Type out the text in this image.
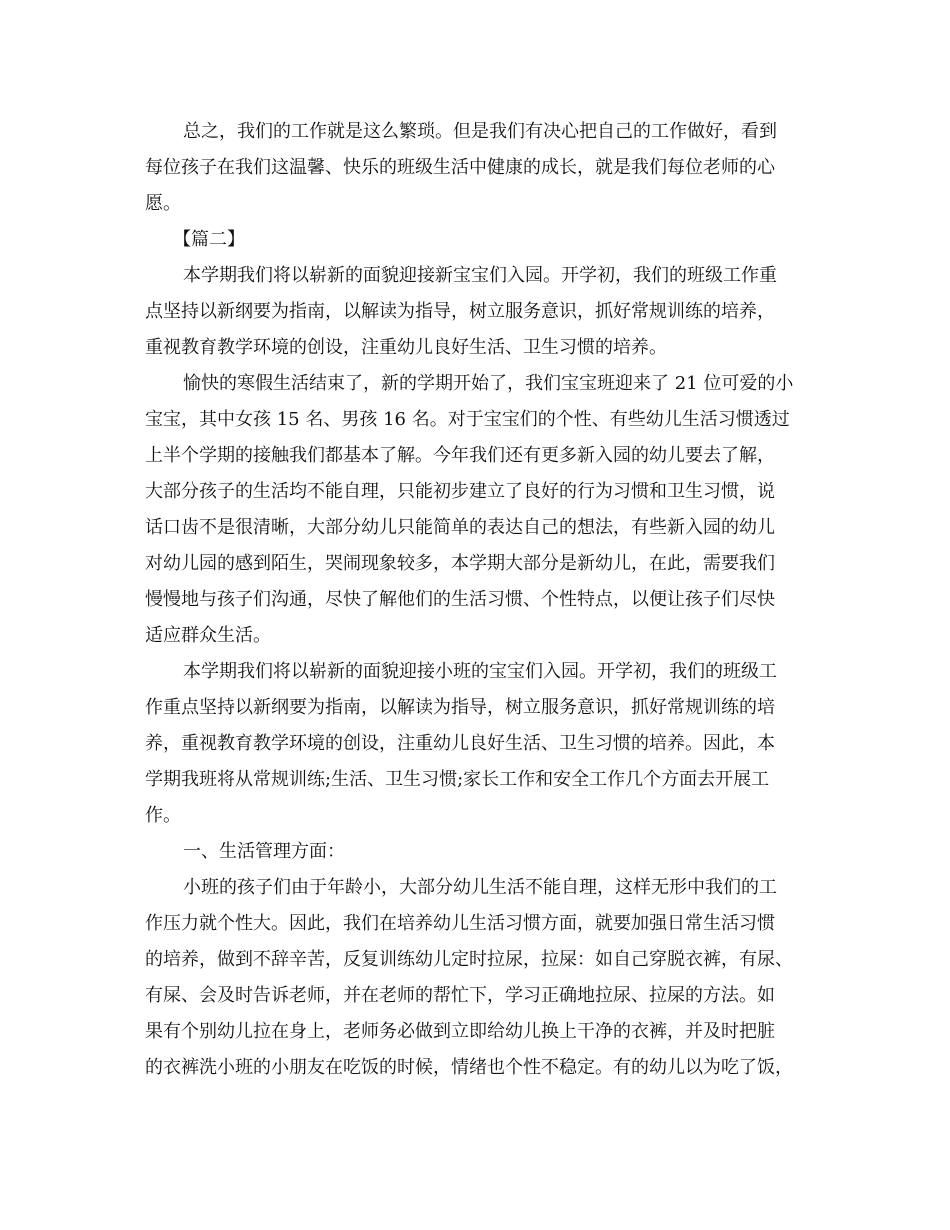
总之，我们的工作就是这么繁琐。但是我们有决心把自己的工作做好，看到
每位孩子在我们这温馨、快乐的班级生活中健康的成长，就是我们每位老师的心
愿。
【篇二】
本学期我们将以崭新的面貌迎接新宝宝们入园。开学初，我们的班级工作重
点坚持以新纲要为指南，以解读为指导，树立服务意识，抓好常规训练的培养，
重视教育教学环境的创设，注重幼儿良好生活、卫生习惯的培养。
愉快的寒假生活结束了，新的学期开始了，我们宝宝班迎来了 21 位可爱的小
宝宝，其中女孩 15 名、男孩 16 名。对于宝宝们的个性、有些幼儿生活习惯透过
上半个学期的接触我们都基本了解。今年我们还有更多新入园的幼儿要去了解，
大部分孩子的生活均不能自理，只能初步建立了良好的行为习惯和卫生习惯，说
话口齿不是很清晰，大部分幼儿只能简单的表达自己的想法，有些新入园的幼儿
对幼儿园的感到陌生，哭闹现象较多，本学期大部分是新幼儿，在此，需要我们
慢慢地与孩子们沟通，尽快了解他们的生活习惯、个性特点，以便让孩子们尽快
适应群众生活。
本学期我们将以崭新的面貌迎接小班的宝宝们入园。开学初，我们的班级工
作重点坚持以新纲要为指南，以解读为指导，树立服务意识，抓好常规训练的培
养，重视教育教学环境的创设，注重幼儿良好生活、卫生习惯的培养。因此，本
学期我班将从常规训练;生活、卫生习惯;家长工作和安全工作几个方面去开展工
作。
一、生活管理方面：
小班的孩子们由于年龄小，大部分幼儿生活不能自理，这样无形中我们的工
作压力就个性大。因此，我们在培养幼儿生活习惯方面，就要加强日常生活习惯
的培养，做到不辞辛苦，反复训练幼儿定时拉尿，拉屎：如自己穿脱衣裤，有尿、
有屎、会及时告诉老师，并在老师的帮忙下，学习正确地拉尿、拉屎的方法。如
果有个别幼儿拉在身上，老师务必做到立即给幼儿换上干净的衣裤，并及时把脏
的衣裤洗小班的小朋友在吃饭的时候，情绪也个性不稳定。有的幼儿以为吃了饭，
